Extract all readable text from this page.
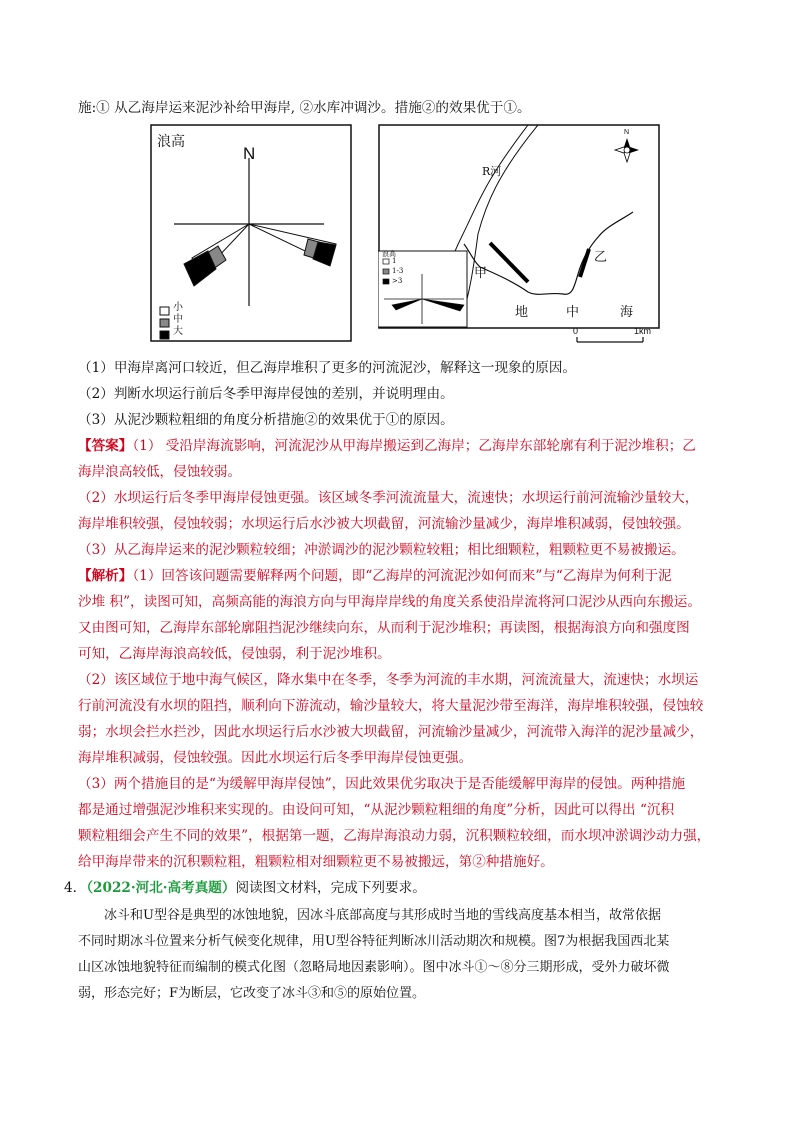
施:① 从乙海岸运来泥沙补给甲海岸, ②水库冲调沙。措施②的效果优于①。
浪高
N
小
中
大
R河
甲
乙
地	中	海
N
浪高
1
1-3
>3
0	1km
（1）甲海岸离河口较近，但乙海岸堆积了更多的河流泥沙，解释这一现象的原因。
（2）判断水坝运行前后冬季甲海岸侵蚀的差别，并说明理由。
（3）从泥沙颗粒粗细的角度分析措施②的效果优于①的原因。
【答案】（1） 受沿岸海流影响，河流泥沙从甲海岸搬运到乙海岸；乙海岸东部轮廓有利于泥沙堆积；乙
海岸浪高较低，侵蚀较弱。
（2）水坝运行后冬季甲海岸侵蚀更强。该区域冬季河流流量大，流速快；水坝运行前河流输沙量较大，
海岸堆积较强，侵蚀较弱；水坝运行后水沙被大坝截留，河流输沙量减少，海岸堆积减弱，侵蚀较强。
（3）从乙海岸运来的泥沙颗粒较细；冲淤调沙的泥沙颗粒较粗；相比细颗粒，粗颗粒更不易被搬运。
【解析】（1）回答该问题需要解释两个问题，即“乙海岸的河流泥沙如何而来”与“乙海岸为何利于泥
沙堆 积”，读图可知，高频高能的海浪方向与甲海岸岸线的角度关系使沿岸流将河口泥沙从西向东搬运。
又由图可知，乙海岸东部轮廓阻挡泥沙继续向东，从而利于泥沙堆积；再读图，根据海浪方向和强度图
可知，乙海岸海浪高较低，侵蚀弱，利于泥沙堆积。
（2）该区域位于地中海气候区，降水集中在冬季，冬季为河流的丰水期，河流流量大，流速快；水坝运
行前河流没有水坝的阻挡，顺利向下游流动，输沙量较大，将大量泥沙带至海洋，海岸堆积较强，侵蚀较
弱；水坝会拦水拦沙，因此水坝运行后水沙被大坝截留，河流输沙量减少，河流带入海洋的泥沙量减少，
海岸堆积减弱，侵蚀较强。因此水坝运行后冬季甲海岸侵蚀更强。
（3）两个措施目的是“为缓解甲海岸侵蚀”，因此效果优劣取决于是否能缓解甲海岸的侵蚀。两种措施
都是通过增强泥沙堆积来实现的。由设问可知，“从泥沙颗粒粗细的角度”分析，因此可以得出 “沉积
颗粒粗细会产生不同的效果”，根据第一题，乙海岸海浪动力弱，沉积颗粒较细，而水坝冲淤调沙动力强，
给甲海岸带来的沉积颗粒粗，粗颗粒相对细颗粒更不易被搬远，第②种措施好。
4．（2022·河北·高考真题）阅读图文材料，完成下列要求。
冰斗和U型谷是典型的冰蚀地貌，因冰斗底部高度与其形成时当地的雪线高度基本相当，故常依据
不同时期冰斗位置来分析气候变化规律，用U型谷特征判断冰川活动期次和规模。图7为根据我国西北某
山区冰蚀地貌特征而编制的模式化图（忽略局地因素影响）。图中冰斗①～⑧分三期形成，受外力破坏微
弱，形态完好；F为断层，它改变了冰斗③和⑤的原始位置。
